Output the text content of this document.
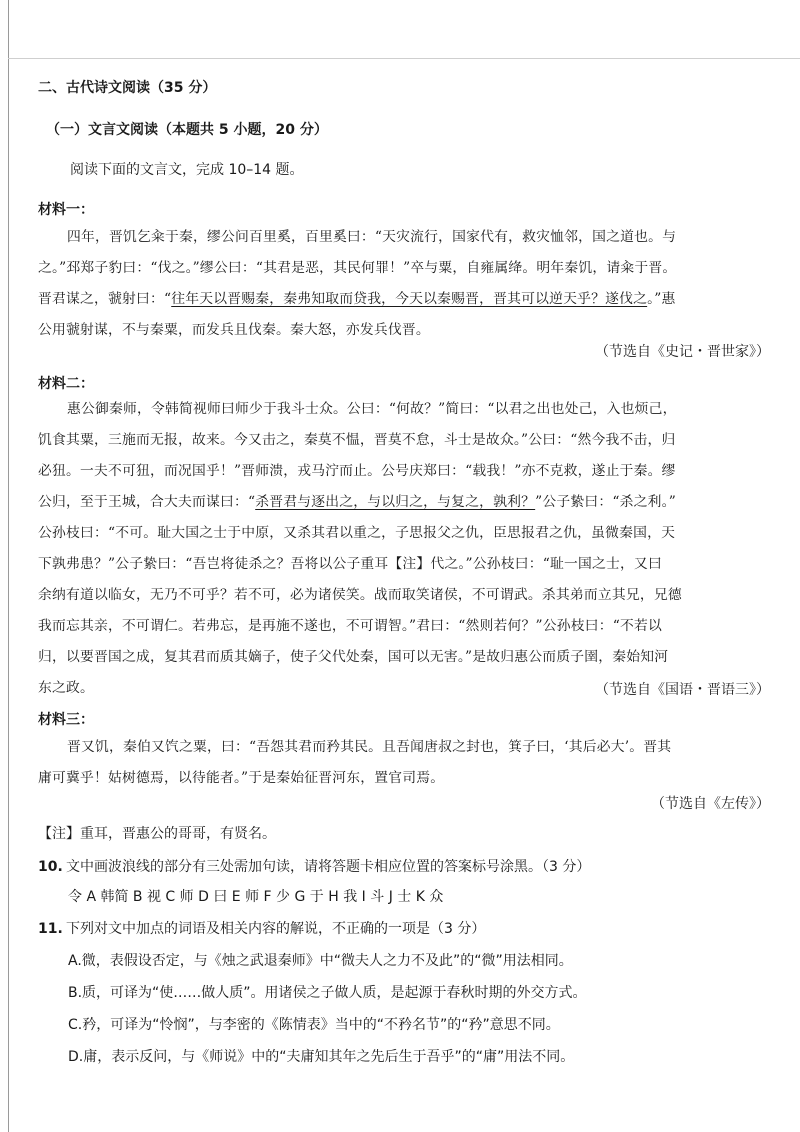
二、古代诗文阅读（35 分）
（一）文言文阅读（本题共 5 小题，20 分）
阅读下面的文言文，完成 10–14 题。
材料一：
四年，晋饥乞籴于秦，缪公问百里奚，百里奚曰：“天灾流行，国家代有，救灾恤邻，国之道也。与
之。”邳郑子豹曰：“伐之。”缪公曰：“其君是恶，其民何罪！”卒与粟，自雍属绛。明年秦饥，请籴于晋。
晋君谋之，虢射曰：“往年天以晋赐秦，秦弗知取而贷我，今天以秦赐晋，晋其可以逆天乎？遂伐之。”惠
公用虢射谋，不与秦粟，而发兵且伐秦。秦大怒，亦发兵伐晋。
（节选自《史记・晋世家》）
材料二：
惠公御秦师，令韩简视师曰师少于我斗士众。公曰：“何故？”简曰：“以君之出也处己，入也烦己，
饥食其粟，三施而无报，故来。今又击之，秦莫不愠，晋莫不怠，斗士是故众。”公曰：“然今我不击，归
必狃。一夫不可狃，而况国乎！”晋师溃，戎马泞而止。公号庆郑曰：“载我！”亦不克救，遂止于秦。缪
公归，至于王城，合大夫而谋曰：“杀晋君与逐出之，与以归之，与复之，孰利？”公子絷曰：“杀之利。”
公孙枝曰：“不可。耻大国之士于中原，又杀其君以重之，子思报父之仇，臣思报君之仇，虽微秦国，天
下孰弗患？”公子絷曰：“吾岂将徒杀之？吾将以公子重耳【注】代之。”公孙枝曰：“耻一国之士，又曰
余纳有道以临女，无乃不可乎？若不可，必为诸侯笑。战而取笑诸侯，不可谓武。杀其弟而立其兄，兄德
我而忘其亲，不可谓仁。若弗忘，是再施不遂也，不可谓智。”君曰：“然则若何？”公孙枝曰：“不若以
归，以要晋国之成，复其君而质其嫡子，使子父代处秦，国可以无害。”是故归惠公而质子圉，秦始知河
东之政。	（节选自《国语・晋语三》）
材料三：
晋又饥，秦伯又饩之粟，曰：“吾怨其君而矜其民。且吾闻唐叔之封也，箕子曰，‘其后必大’。晋其
庸可冀乎！姑树德焉，以待能者。”于是秦始征晋河东，置官司焉。
（节选自《左传》）
【注】重耳，晋惠公的哥哥，有贤名。
10. 文中画波浪线的部分有三处需加句读，请将答题卡相应位置的答案标号涂黑。（3 分）
令 A 韩简 B 视 C 师 D 曰 E 师 F 少 G 于 H 我 I 斗 J 士 K 众
11. 下列对文中加点的词语及相关内容的解说，不正确的一项是（3 分）
A.微，表假设否定，与《烛之武退秦师》中“微夫人之力不及此”的“微”用法相同。
B.质，可译为“使……做人质”。用诸侯之子做人质，是起源于春秋时期的外交方式。
C.矜，可译为“怜悯”，与李密的《陈情表》当中的“不矜名节”的“矜”意思不同。
D.庸，表示反问，与《师说》中的“夫庸知其年之先后生于吾乎”的“庸”用法不同。
